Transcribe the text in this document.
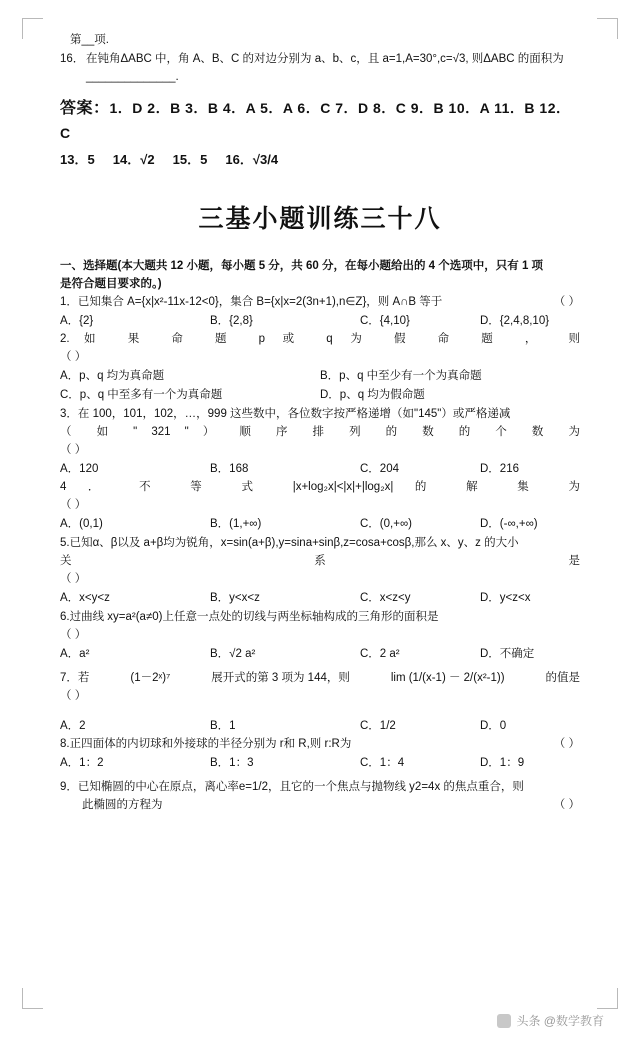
第__项.
16． 在钝角ΔABC 中，角 A、B、C 的对边分别为 a、b、c，且 a=1,A=30°,c=√3, 则ΔABC 的面积为______________.
答案：1．D 2．B 3．B 4．A 5．A 6．C 7．D 8．C 9．B 10．A 11．B 12．C
13．5 14．√2 15．5 16．√3/4
三基小题训练三十八
一、选择题(本大题共 12 小题，每小题 5 分，共 60 分，在每小题给出的 4 个选项中，只有 1 项
是符合题目要求的。)
1．已知集合 A={x|x²-11x-12<0}，集合 B={x|x=2(3n+1),n∈Z}，则 A∩B 等于	（ ）
A．{2}	B．{2,8}	C．{4,10}	D．{2,4,8,10}
2.如 果 命 题 p 或 q 为 假 命 题 ， 则
（ ）
A．p、q 均为真命题	B．p、q 中至少有一个为真命题
C．p、q 中至多有一个为真命题	D．p、q 均为假命题
3．在 100，101，102，…，999 这些数中，各位数字按严格递增（如"145"）或严格递减
（ 如 " 321 " ） 顺 序 排 列 的 数 的 个 数 为
（ ）
A．120	B．168	C．204	D．216
4 ． 不 等 式 |x+log₂x|<|x|+|log₂x| 的 解 集 为
（ ）
A．(0,1)	B．(1,+∞)	C．(0,+∞)	D．(-∞,+∞)
5.已知α、β以及 a+β均为锐角，x=sin(a+β),y=sina+sinβ,z=cosa+cosβ,那么 x、y、z 的大小
关 系 是
（ ）
A．x<y<z	B．y<x<z	C．x<z<y	D．y<z<x
6.过曲线 xy=a²(a≠0)上任意一点处的切线与两坐标轴构成的三角形的面积是
（ ）
A．a²	B．√2 a²	C．2 a²	D．不确定
7．若	(1－2ˣ)⁷	展开式的第 3 项为 144，则	lim (1/(x-1) － 2/(x²-1))	的值是
（ ）
A．2	B．1	C．1/2	D．0
8.正四面体的内切球和外接球的半径分别为 r和 R,则 r:R为	（ ）
A．1：2	B．1：3	C．1：4	D．1：9
9．已知椭圆的中心在原点，离心率e=1/2，且它的一个焦点与抛物线 y2=4x 的焦点重合，则
此椭圆的方程为	（ ）
头条 @数学教育
